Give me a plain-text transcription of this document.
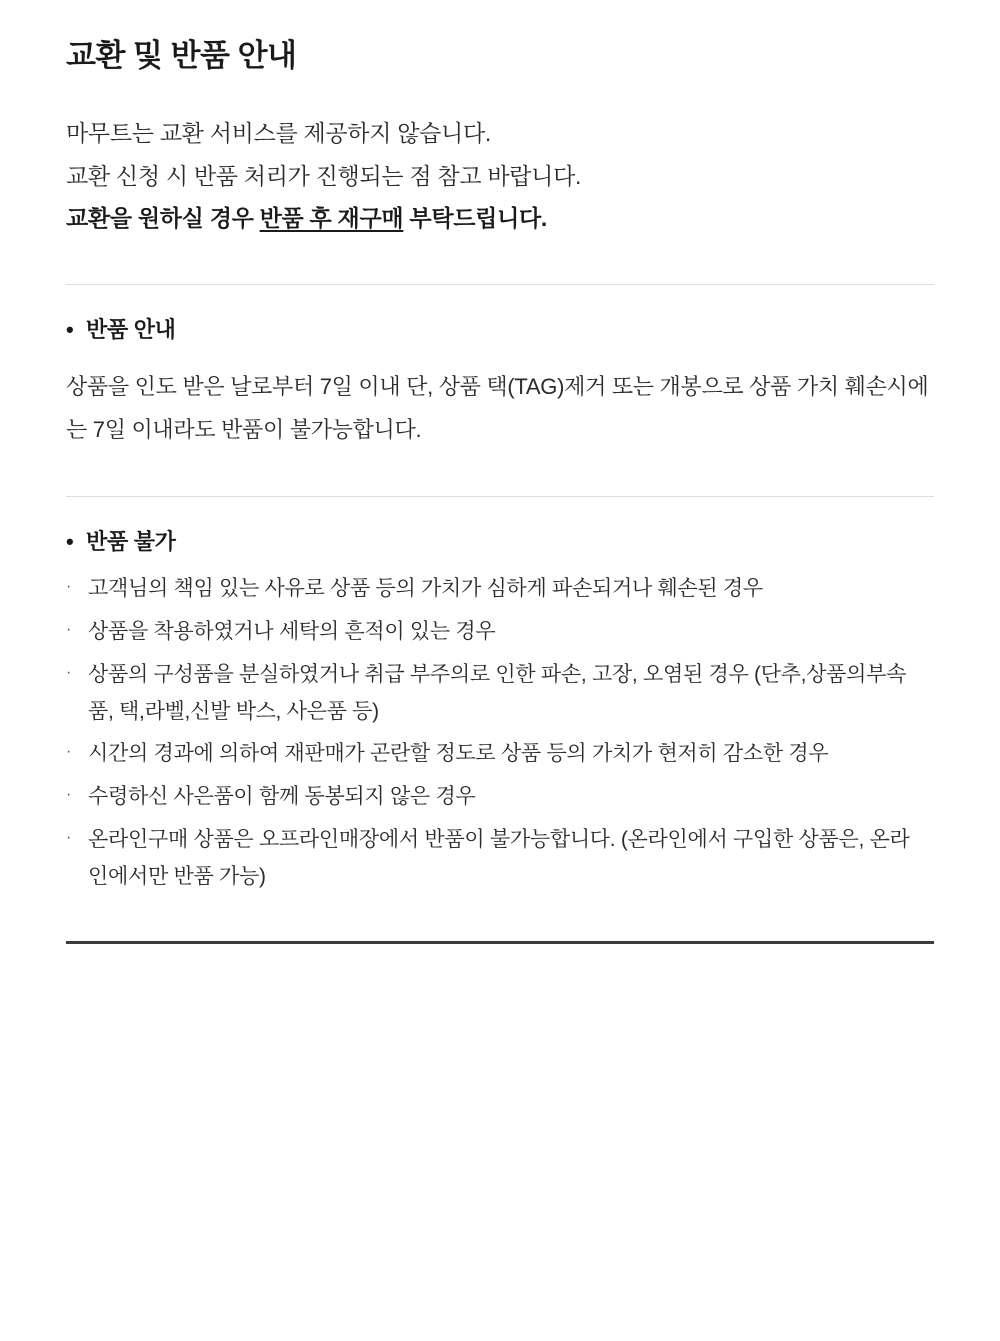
교환 및 반품 안내
마무트는 교환 서비스를 제공하지 않습니다.
교환 신청 시 반품 처리가 진행되는 점 참고 바랍니다.
교환을 원하실 경우 반품 후 재구매 부탁드립니다.
• 반품 안내
상품을 인도 받은 날로부터 7일 이내 단, 상품 택(TAG)제거 또는 개봉으로 상품 가치 훼손시에는 7일 이내라도 반품이 불가능합니다.
• 반품 불가
· 고객님의 책임 있는 사유로 상품 등의 가치가 심하게 파손되거나 훼손된 경우
· 상품을 착용하였거나 세탁의 흔적이 있는 경우
· 상품의 구성품을 분실하였거나 취급 부주의로 인한 파손, 고장, 오염된 경우 (단추,상품의부속품, 택,라벨,신발 박스, 사은품 등)
· 시간의 경과에 의하여 재판매가 곤란할 정도로 상품 등의 가치가 현저히 감소한 경우
· 수령하신 사은품이 함께 동봉되지 않은 경우
· 온라인구매 상품은 오프라인매장에서 반품이 불가능합니다. (온라인에서 구입한 상품은, 온라인에서만 반품 가능)
